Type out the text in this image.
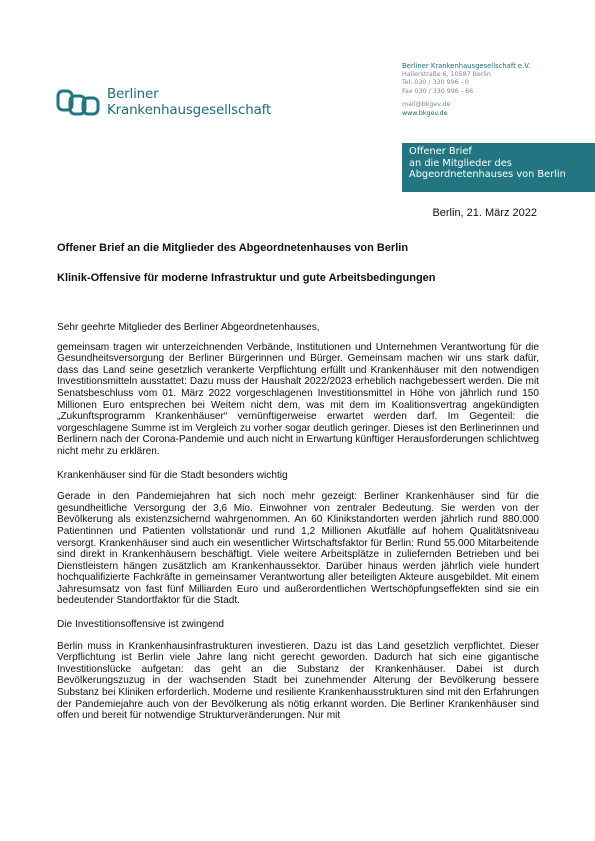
Berliner
Krankenhausgesellschaft
Berliner Krankenhausgesellschaft e.V.
Hallerstraße 6, 10587 Berlin
Tel. 030 / 330 996 - 0
Fax 030 / 330 996 - 66
mail@bkgev.de
www.bkgev.de
Offener Brief
an die Mitglieder des
Abgeordnetenhauses von Berlin
Berlin, 21. März 2022
Offener Brief an die Mitglieder des Abgeordnetenhauses von Berlin
Klinik-Offensive für moderne Infrastruktur und gute Arbeitsbedingungen

Sehr geehrte Mitglieder des Berliner Abgeordnetenhauses,

gemeinsam tragen wir unterzeichnenden Verbände, Institutionen und Unternehmen Verantwortung für die Gesundheitsversorgung der Berliner Bürgerinnen und Bürger. Gemeinsam machen wir uns stark dafür, dass das Land seine gesetzlich verankerte Verpflichtung erfüllt und Krankenhäuser mit den notwendigen Investitionsmitteln ausstattet: Dazu muss der Haushalt 2022/2023 erheblich nachgebessert werden. Die mit Senatsbeschluss vom 01. März 2022 vorgeschlagenen Investitionsmittel in Höhe von jährlich rund 150 Millionen Euro entsprechen bei Weitem nicht dem, was mit dem im Koalitionsvertrag angekündigten „Zukunftsprogramm Krankenhäuser“ vernünftigerweise erwartet werden darf. Im Gegenteil: die vorgeschlagene Summe ist im Vergleich zu vorher sogar deutlich geringer. Dieses ist den Berlinerinnen und Berlinern nach der Corona-Pandemie und auch nicht in Erwartung künftiger Herausforderungen schlichtweg nicht mehr zu erklären.

Krankenhäuser sind für die Stadt besonders wichtig

Gerade in den Pandemiejahren hat sich noch mehr gezeigt: Berliner Krankenhäuser sind für die gesundheitliche Versorgung der 3,6 Mio. Einwohner von zentraler Bedeutung. Sie werden von der Bevölkerung als existenzsichernd wahrgenommen. An 60 Klinikstandorten werden jährlich rund 880.000 Patientinnen und Patienten vollstationär und rund 1,2 Millionen Akutfälle auf hohem Qualitätsniveau versorgt. Krankenhäuser sind auch ein wesentlicher Wirtschaftsfaktor für Berlin: Rund 55.000 Mitarbeitende sind direkt in Krankenhäusern beschäftigt. Viele weitere Arbeitsplätze in zuliefernden Betrieben und bei Dienstleistern hängen zusätzlich am Krankenhaussektor. Darüber hinaus werden jährlich viele hundert hochqualifizierte Fachkräfte in gemeinsamer Verantwortung aller beteiligten Akteure ausgebildet. Mit einem Jahresumsatz von fast fünf Milliarden Euro und außerordentlichen Wertschöpfungseffekten sind sie ein bedeutender Standortfaktor für die Stadt.

Die Investitionsoffensive ist zwingend

Berlin muss in Krankenhausinfrastrukturen investieren. Dazu ist das Land gesetzlich verpflichtet. Dieser Verpflichtung ist Berlin viele Jahre lang nicht gerecht geworden. Dadurch hat sich eine gigantische Investitionslücke aufgetan: das geht an die Substanz der Krankenhäuser. Dabei ist durch Bevölkerungszuzug in der wachsenden Stadt bei zunehmender Alterung der Bevölkerung bessere Substanz bei Kliniken erforderlich. Moderne und resiliente Krankenhausstrukturen sind mit den Erfahrungen der Pandemiejahre auch von der Bevölkerung als nötig erkannt worden. Die Berliner Krankenhäuser sind offen und bereit für notwendige Strukturveränderungen. Nur mit
